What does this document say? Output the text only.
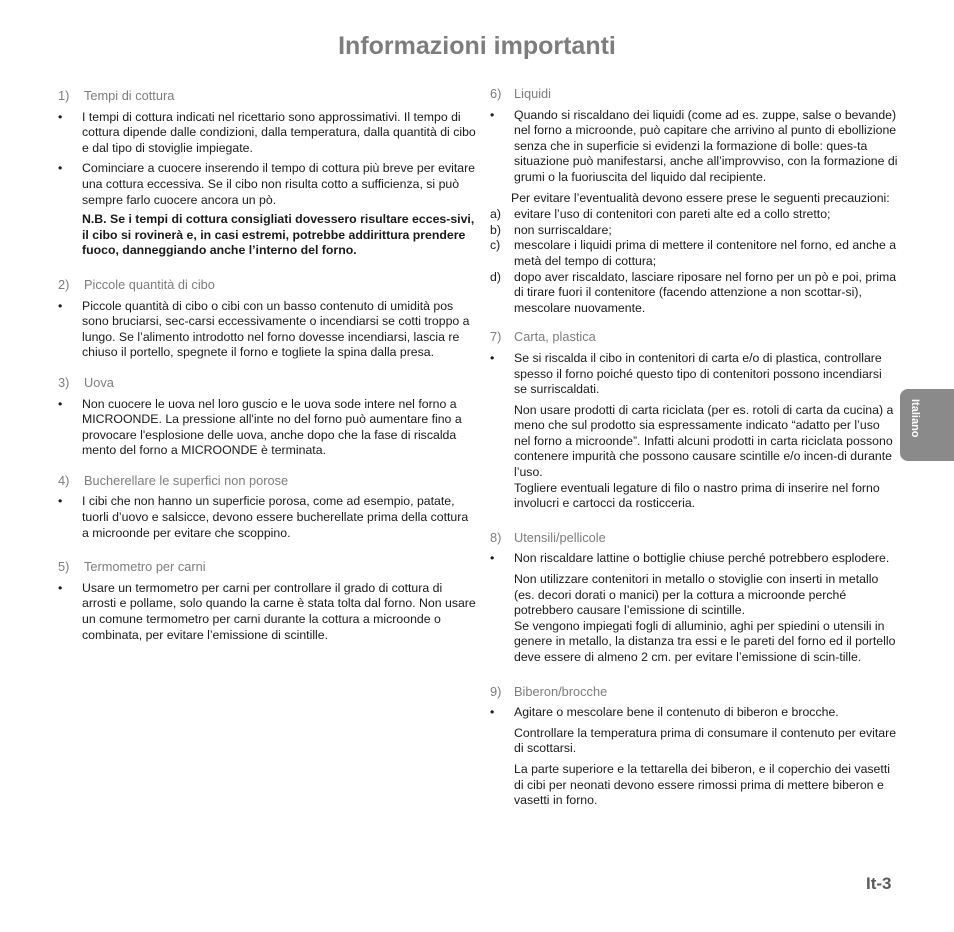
Informazioni importanti
1) Tempi di cottura
• I tempi di cottura indicati nel ricettario sono approssimativi. Il tempo di cottura dipende dalle condizioni, dalla temperatura, dalla quantità di cibo e dal tipo di stoviglie impiegate.
• Cominciare a cuocere inserendo il tempo di cottura più breve per evitare una cottura eccessiva. Se il cibo non risulta cotto a sufficienza, si può sempre farlo cuocere ancora un pò.
N.B. Se i tempi di cottura consigliati dovessero risultare ecces-sivi, il cibo si rovinerà e, in casi estremi, potrebbe addirittura prendere fuoco, danneggiando anche l’interno del forno.
2) Piccole quantità di cibo
• Piccole quantità di cibo o cibi con un basso contenuto di umidità pos sono bruciarsi, sec-carsi eccessivamente o incendiarsi se cotti troppo a lungo. Se l’alimento introdotto nel forno dovesse incendiarsi, lascia re chiuso il portello, spegnete il forno e togliete la spina dalla presa.
3) Uova
• Non cuocere le uova nel loro guscio e le uova sode intere nel forno a MICROONDE. La pressione all'inte no del forno può aumentare fino a provocare l'esplosione delle uova, anche dopo che la fase di riscalda mento del forno a MICROONDE è terminata.
4) Bucherellare le superfici non porose
• I cibi che non hanno un superficie porosa, come ad esempio, patate, tuorli d’uovo e salsicce, devono essere bucherellate prima della cottura a microonde per evitare che scoppino.
5) Termometro per carni
• Usare un termometro per carni per controllare il grado di cottura di arrosti e pollame, solo quando la carne è stata tolta dal forno. Non usare un comune termometro per carni durante la cottura a microonde o combinata, per evitare l’emissione di scintille.
6) Liquidi
• Quando si riscaldano dei liquidi (come ad es. zuppe, salse o bevande) nel forno a microonde, può capitare che arrivino al punto di ebollizione senza che in superficie si evidenzi la formazione di bolle: ques-ta situazione può manifestarsi, anche all’improvviso, con la formazione di grumi o la fuoriuscita del liquido dal recipiente.
Per evitare l’eventualità devono essere prese le seguenti precauzioni:
a) evitare l’uso di contenitori con pareti alte ed a collo stretto;
b) non surriscaldare;
c) mescolare i liquidi prima di mettere il contenitore nel forno, ed anche a metà del tempo di cottura;
d) dopo aver riscaldato, lasciare riposare nel forno per un pò e poi, prima di tirare fuori il contenitore (facendo attenzione a non scottar-si), mescolare nuovamente.
7) Carta, plastica
• Se si riscalda il cibo in contenitori di carta e/o di plastica, controllare spesso il forno poiché questo tipo di contenitori possono incendiarsi se surriscaldati.
Non usare prodotti di carta riciclata (per es. rotoli di carta da cucina) a meno che sul prodotto sia espressamente indicato “adatto per l’uso nel forno a microonde”. Infatti alcuni prodotti in carta riciclata possono contenere impurità che possono causare scintille e/o incen-di durante l’uso.
Togliere eventuali legature di filo o nastro prima di inserire nel forno involucri e cartocci da rosticceria.
8) Utensili/pellicole
• Non riscaldare lattine o bottiglie chiuse perché potrebbero esplodere.
Non utilizzare contenitori in metallo o stoviglie con inserti in metallo (es. decori dorati o manici) per la cottura a microonde perché potrebbero causare l’emissione di scintille.
Se vengono impiegati fogli di alluminio, aghi per spiedini o utensili in genere in metallo, la distanza tra essi e le pareti del forno ed il portello deve essere di almeno 2 cm. per evitare l’emissione di scin-tille.
9) Biberon/brocche
• Agitare o mescolare bene il contenuto di biberon e brocche.
Controllare la temperatura prima di consumare il contenuto per evitare di scottarsi.
La parte superiore e la tettarella dei biberon, e il coperchio dei vasetti di cibi per neonati devono essere rimossi prima di mettere biberon e vasetti in forno.
Italiano
It-3
